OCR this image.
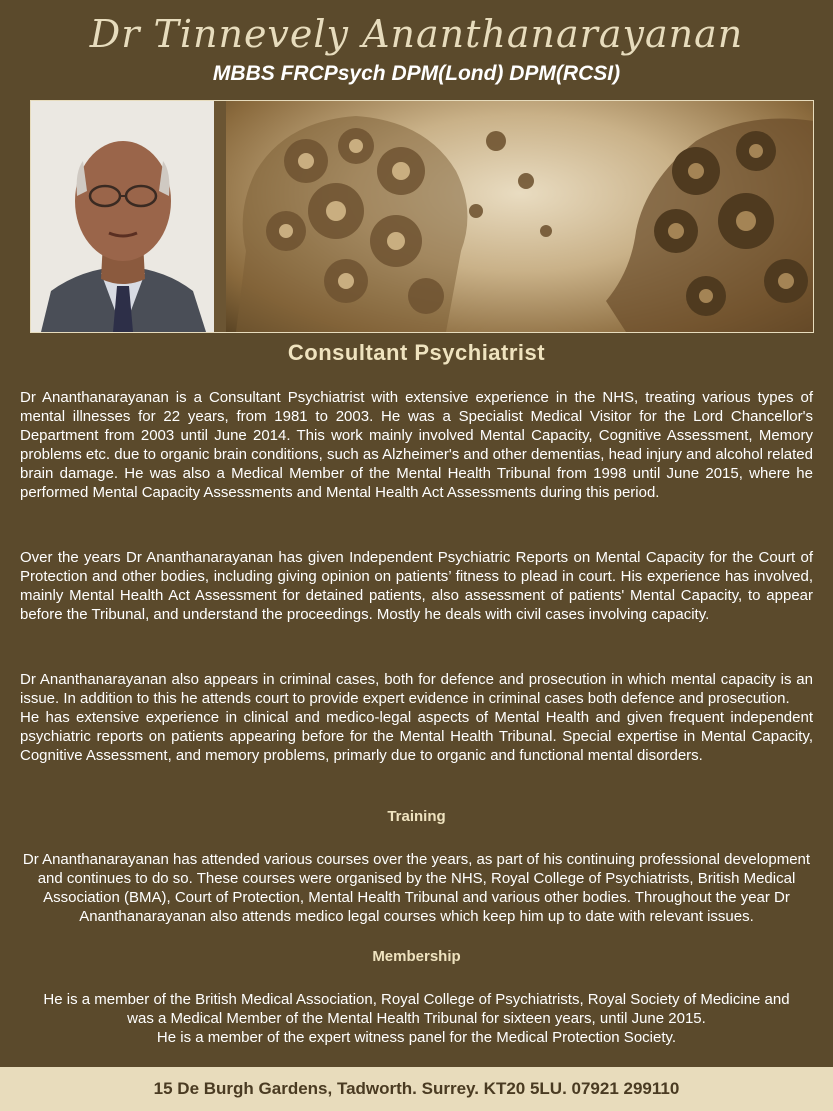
Dr Tinnevely Ananthanarayanan
MBBS FRCPsych DPM(Lond) DPM(RCSI)
Consultant Psychiatrist
Dr Ananthanarayanan is a Consultant Psychiatrist with extensive experience in the NHS, treating various types of mental illnesses for 22 years, from 1981 to 2003. He was a Specialist Medical Visitor for the Lord Chancellor's Department from 2003 until June 2014. This work mainly involved Mental Capacity, Cognitive Assessment, Memory problems etc. due to organic brain conditions, such as Alzheimer's and other dementias, head injury and alcohol related brain damage. He was also a Medical Member of the Mental Health Tribunal from 1998 until June 2015, where he performed Mental Capacity Assessments and Mental Health Act Assessments during this period.
Over the years Dr Ananthanarayanan has given Independent Psychiatric Reports on Mental Capacity for the Court of Protection and other bodies, including giving opinion on patients’ fitness to plead in court. His experience has involved, mainly Mental Health Act Assessment for detained patients, also assessment of patients' Mental Capacity, to appear before the Tribunal, and understand the proceedings. Mostly he deals with civil cases involving capacity.
Dr Ananthanarayanan also appears in criminal cases, both for defence and prosecution in which mental capacity is an issue. In addition to this he attends court to provide expert evidence in criminal cases both defence and prosecution.
He has extensive experience in clinical and medico-legal aspects of Mental Health and given frequent independent psychiatric reports on patients appearing before for the Mental Health Tribunal. Special expertise in Mental Capacity, Cognitive Assessment, and memory problems, primarly due to organic and functional mental disorders.
Training
Dr Ananthanarayanan has attended various courses over the years, as part of his continuing professional development and continues to do so. These courses were organised by the NHS, Royal College of Psychiatrists, British Medical Association (BMA), Court of Protection, Mental Health Tribunal and various other bodies. Throughout the year Dr Ananthanarayanan also attends medico legal courses which keep him up to date with relevant issues.
Membership
He is a member of the British Medical Association, Royal College of Psychiatrists, Royal Society of Medicine and was a Medical Member of the Mental Health Tribunal for sixteen years, until June 2015.
He is a member of the expert witness panel for the Medical Protection Society.
15 De Burgh Gardens, Tadworth. Surrey. KT20 5LU. 07921 299110
